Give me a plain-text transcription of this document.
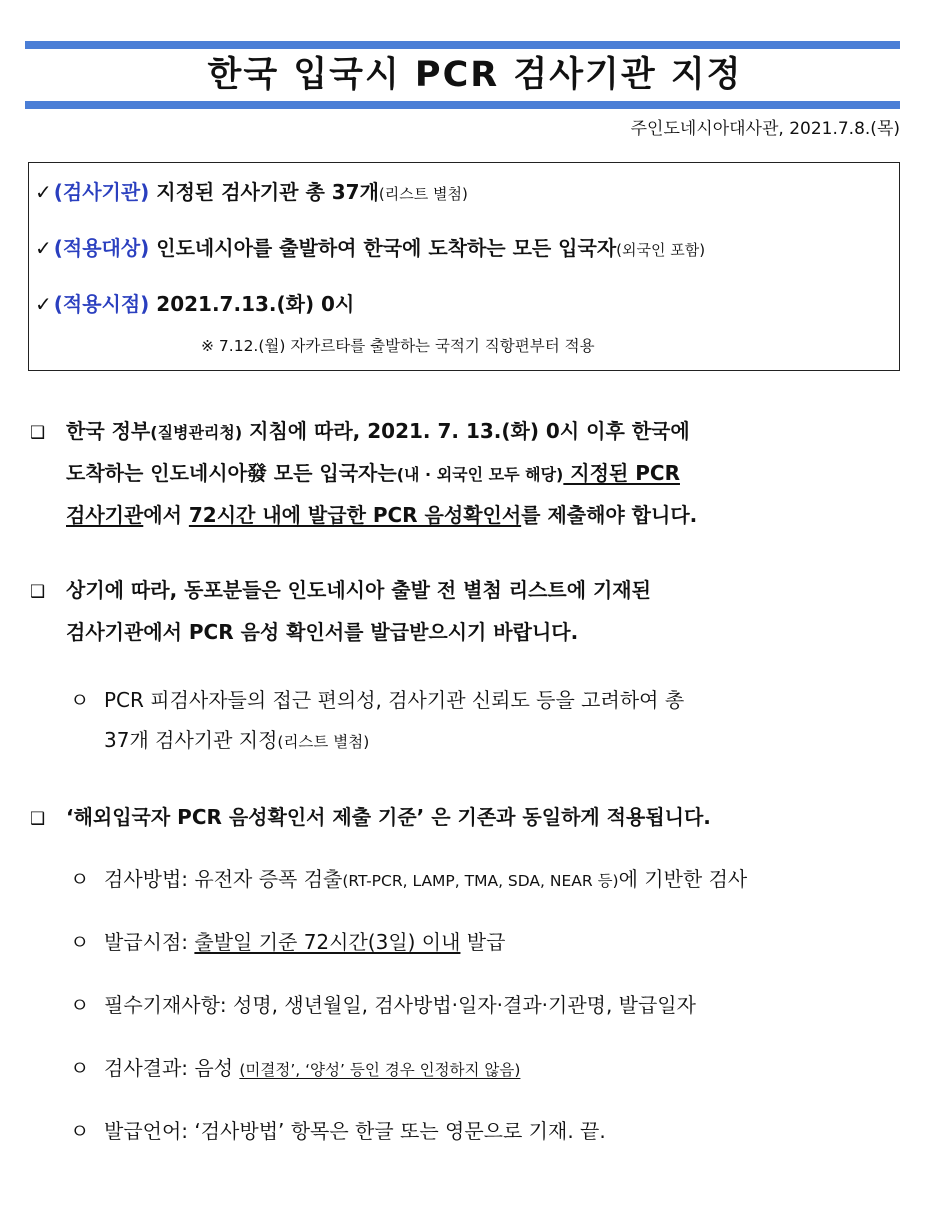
한국 입국시 PCR 검사기관 지정
주인도네시아대사관, 2021.7.8.(목)
✓ (검사기관) 지정된 검사기관 총 37개(리스트 별첨)
✓ (적용대상) 인도네시아를 출발하여 한국에 도착하는 모든 입국자(외국인 포함)
✓ (적용시점) 2021.7.13.(화) 0시
※ 7.12.(월) 자카르타를 출발하는 국적기 직항편부터 적용
❑ 한국 정부(질병관리청) 지침에 따라, 2021. 7. 13.(화) 0시 이후 한국에
도착하는 인도네시아發 모든 입국자는(내 · 외국인 모두 해당) 지정된 PCR
검사기관에서 72시간 내에 발급한 PCR 음성확인서를 제출해야 합니다.
❑ 상기에 따라, 동포분들은 인도네시아 출발 전 별첨 리스트에 기재된
검사기관에서 PCR 음성 확인서를 발급받으시기 바랍니다.
ㅇ PCR 피검사자들의 접근 편의성, 검사기관 신뢰도 등을 고려하여 총
37개 검사기관 지정(리스트 별첨)
❑ ‘해외입국자 PCR 음성확인서 제출 기준’ 은 기존과 동일하게 적용됩니다.
ㅇ 검사방법: 유전자 증폭 검출(RT-PCR, LAMP, TMA, SDA, NEAR 등)에 기반한 검사
ㅇ 발급시점: 출발일 기준 72시간(3일) 이내 발급
ㅇ 필수기재사항: 성명, 생년월일, 검사방법·일자·결과·기관명, 발급일자
ㅇ 검사결과: 음성 (미결정’, ‘양성’ 등인 경우 인정하지 않음)
ㅇ 발급언어: ‘검사방법’ 항목은 한글 또는 영문으로 기재. 끝.
